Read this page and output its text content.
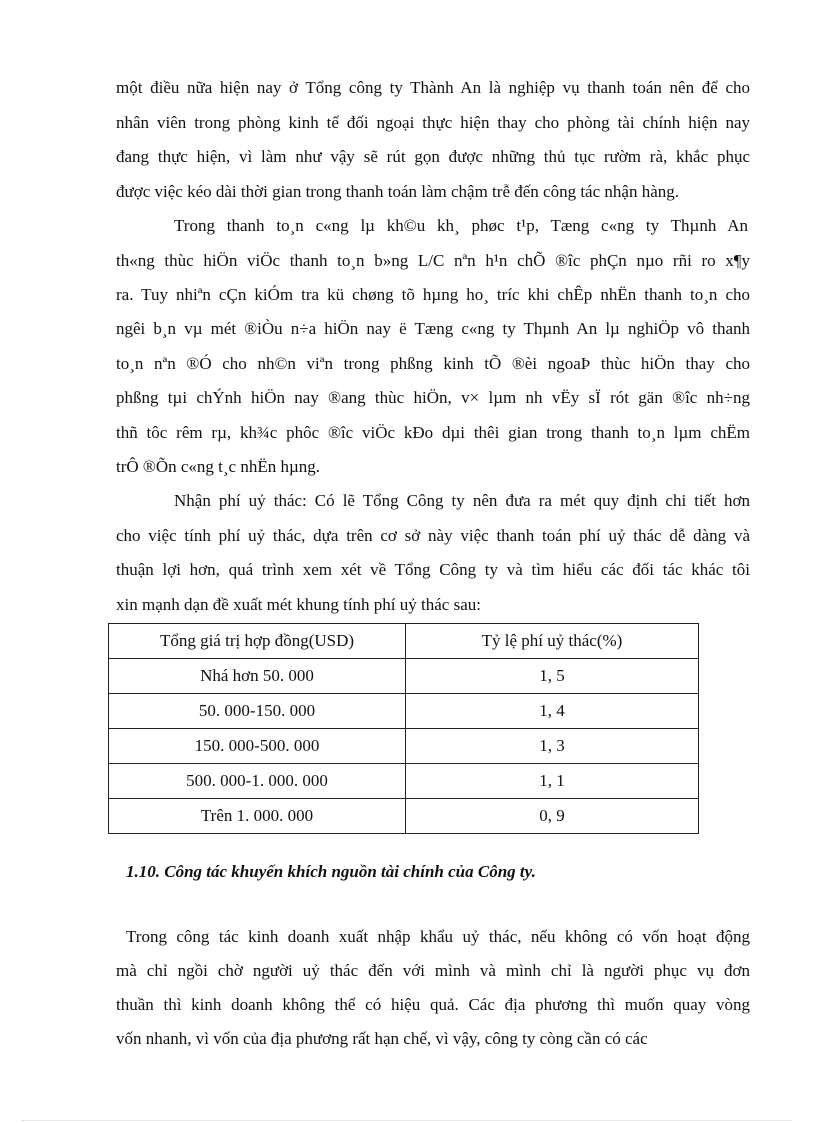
một điều nữa hiện nay ở Tổng công ty Thành An là nghiệp vụ thanh toán nên để cho
nhân viên trong phòng kinh tế đối ngoại thực hiện thay cho phòng tài chính hiện nay
đang thực hiện, vì làm như vậy sẽ rút gọn được những thủ tục rườm rà, khắc phục
được việc kéo dài thời gian trong thanh toán làm chậm trễ đến công tác nhận hàng.
Trong thanh to¸n c«ng lµ kh©u kh¸ phøc t¹p, Tæng c«ng ty Thµnh An
th«ng thùc hiÖn viÖc thanh to¸n b»ng L/C nªn h¹n chÕ ®îc phÇn nµo rñi ro x¶y
ra. Tuy nhiªn cÇn kiÓm tra kü chøng tõ hµng ho¸ tríc khi chÊp nhËn thanh to¸n cho
ngêi b¸n vµ mét ®iÒu n÷a hiÖn nay ë Tæng c«ng ty Thµnh An lµ nghiÖp vô thanh
to¸n nªn ®Ó cho nh©n viªn trong phßng kinh tÕ ®èi ngoaÞ thùc hiÖn thay cho
phßng tµi chÝnh hiÖn nay ®ang thùc hiÖn, v× lµm nh vËy sÏ rót gän ®îc nh÷ng
thñ tôc rêm rµ, kh¾c phôc ®îc viÖc kÐo dµi thêi gian trong thanh to¸n lµm chËm
trÔ ®Õn c«ng t¸c nhËn hµng.
Nhận phí uỷ thác: Có lẽ Tổng Công ty nên đưa ra mét quy định chi tiết hơn
cho việc tính phí uỷ thác, dựa trên cơ sở này việc thanh toán phí uỷ thác dễ dàng và
thuận lợi hơn, quá trình xem xét về Tổng Công ty và tìm hiểu các đối tác khác tôi
xin mạnh dạn đề xuất mét khung tính phí uỷ thác sau:
Tổng giá trị hợp đồng(USD)	Tỷ lệ phí uỷ thác(%)
Nhá hơn 50. 000	1, 5
50. 000-150. 000	1, 4
150. 000-500. 000	1, 3
500. 000-1. 000. 000	1, 1
Trên 1. 000. 000	0, 9
1.10. Công tác khuyến khích nguồn tài chính của Công ty.
Trong công tác kinh doanh xuất nhập khẩu uỷ thác, nếu không có vốn hoạt động
mà chỉ ngồi chờ người uỷ thác đến với mình và mình chỉ là người phục vụ đơn
thuần thì kinh doanh không thể có hiệu quả. Các địa phương thì muốn quay vòng
vốn nhanh, vì vốn của địa phương rất hạn chế, vì vậy, công ty còng cần có các
